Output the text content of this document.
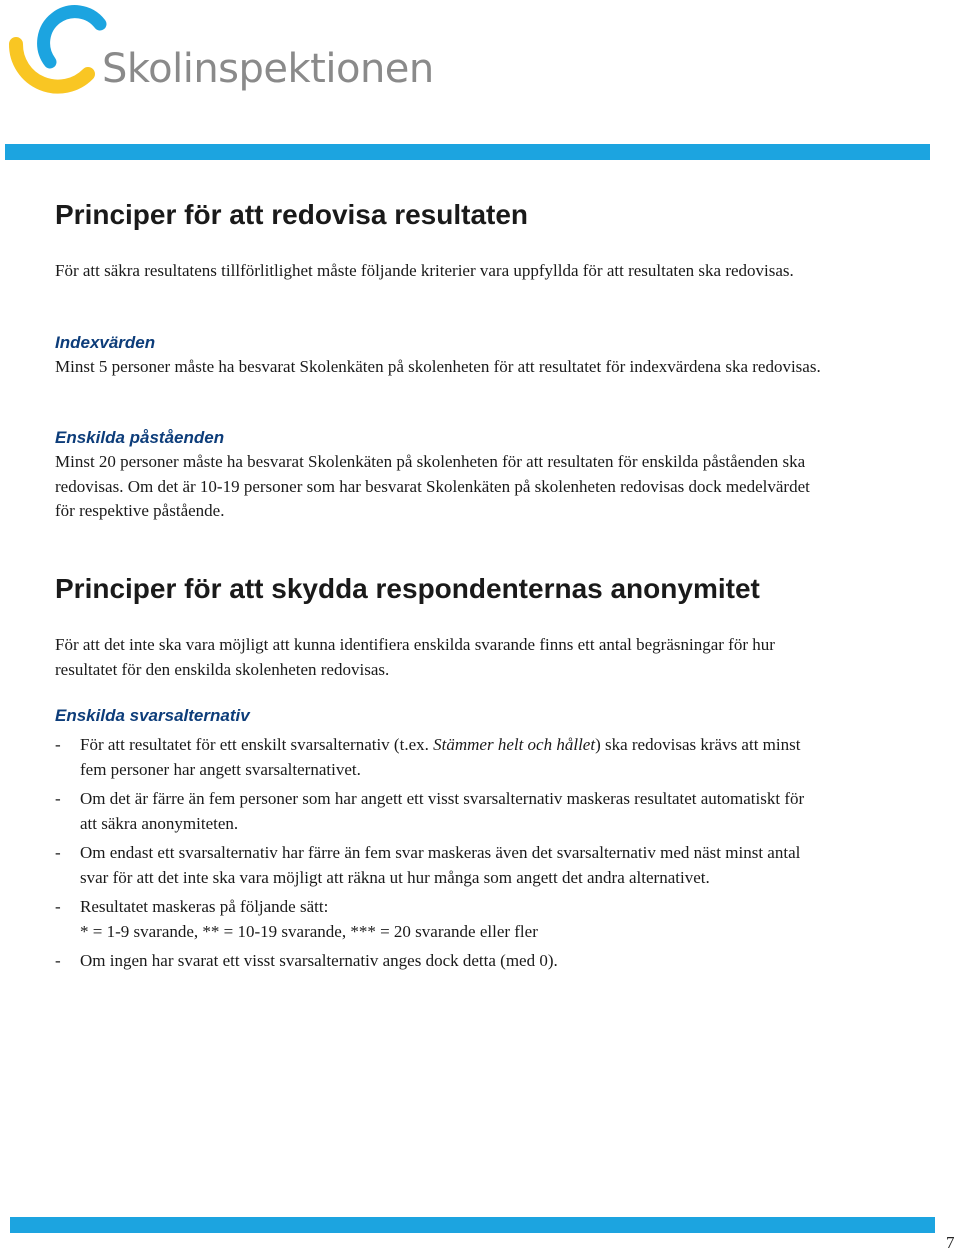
Skolinspektionen
Principer för att redovisa resultaten

För att säkra resultatens tillförlitlighet måste följande kriterier vara uppfyllda för att resultaten ska redovisas.

Indexvärden

Minst 5 personer måste ha besvarat Skolenkäten på skolenheten för att resultatet för indexvärdena ska redovisas.

Enskilda påståenden

Minst 20 personer måste ha besvarat Skolenkäten på skolenheten för att resultaten för enskilda påståenden ska redovisas. Om det är 10-19 personer som har besvarat Skolenkäten på skolenheten redovisas dock medelvärdet för respektive påstående.

Principer för att skydda respondenternas anonymitet

För att det inte ska vara möjligt att kunna identifiera enskilda svarande finns ett antal begräsningar för hur resultatet för den enskilda skolenheten redovisas.

Enskilda svarsalternativ
- För att resultatet för ett enskilt svarsalternativ (t.ex. Stämmer helt och hållet) ska redovisas krävs att minst fem personer har angett svarsalternativet.
- Om det är färre än fem personer som har angett ett visst svarsalternativ maskeras resultatet automatiskt för att säkra anonymiteten.
- Om endast ett svarsalternativ har färre än fem svar maskeras även det svarsalternativ med näst minst antal svar för att det inte ska vara möjligt att räkna ut hur många som angett det andra alternativet.
- Resultatet maskeras på följande sätt:
* = 1-9 svarande, ** = 10-19 svarande, *** = 20 svarande eller fler
- Om ingen har svarat ett visst svarsalternativ anges dock detta (med 0).
7
